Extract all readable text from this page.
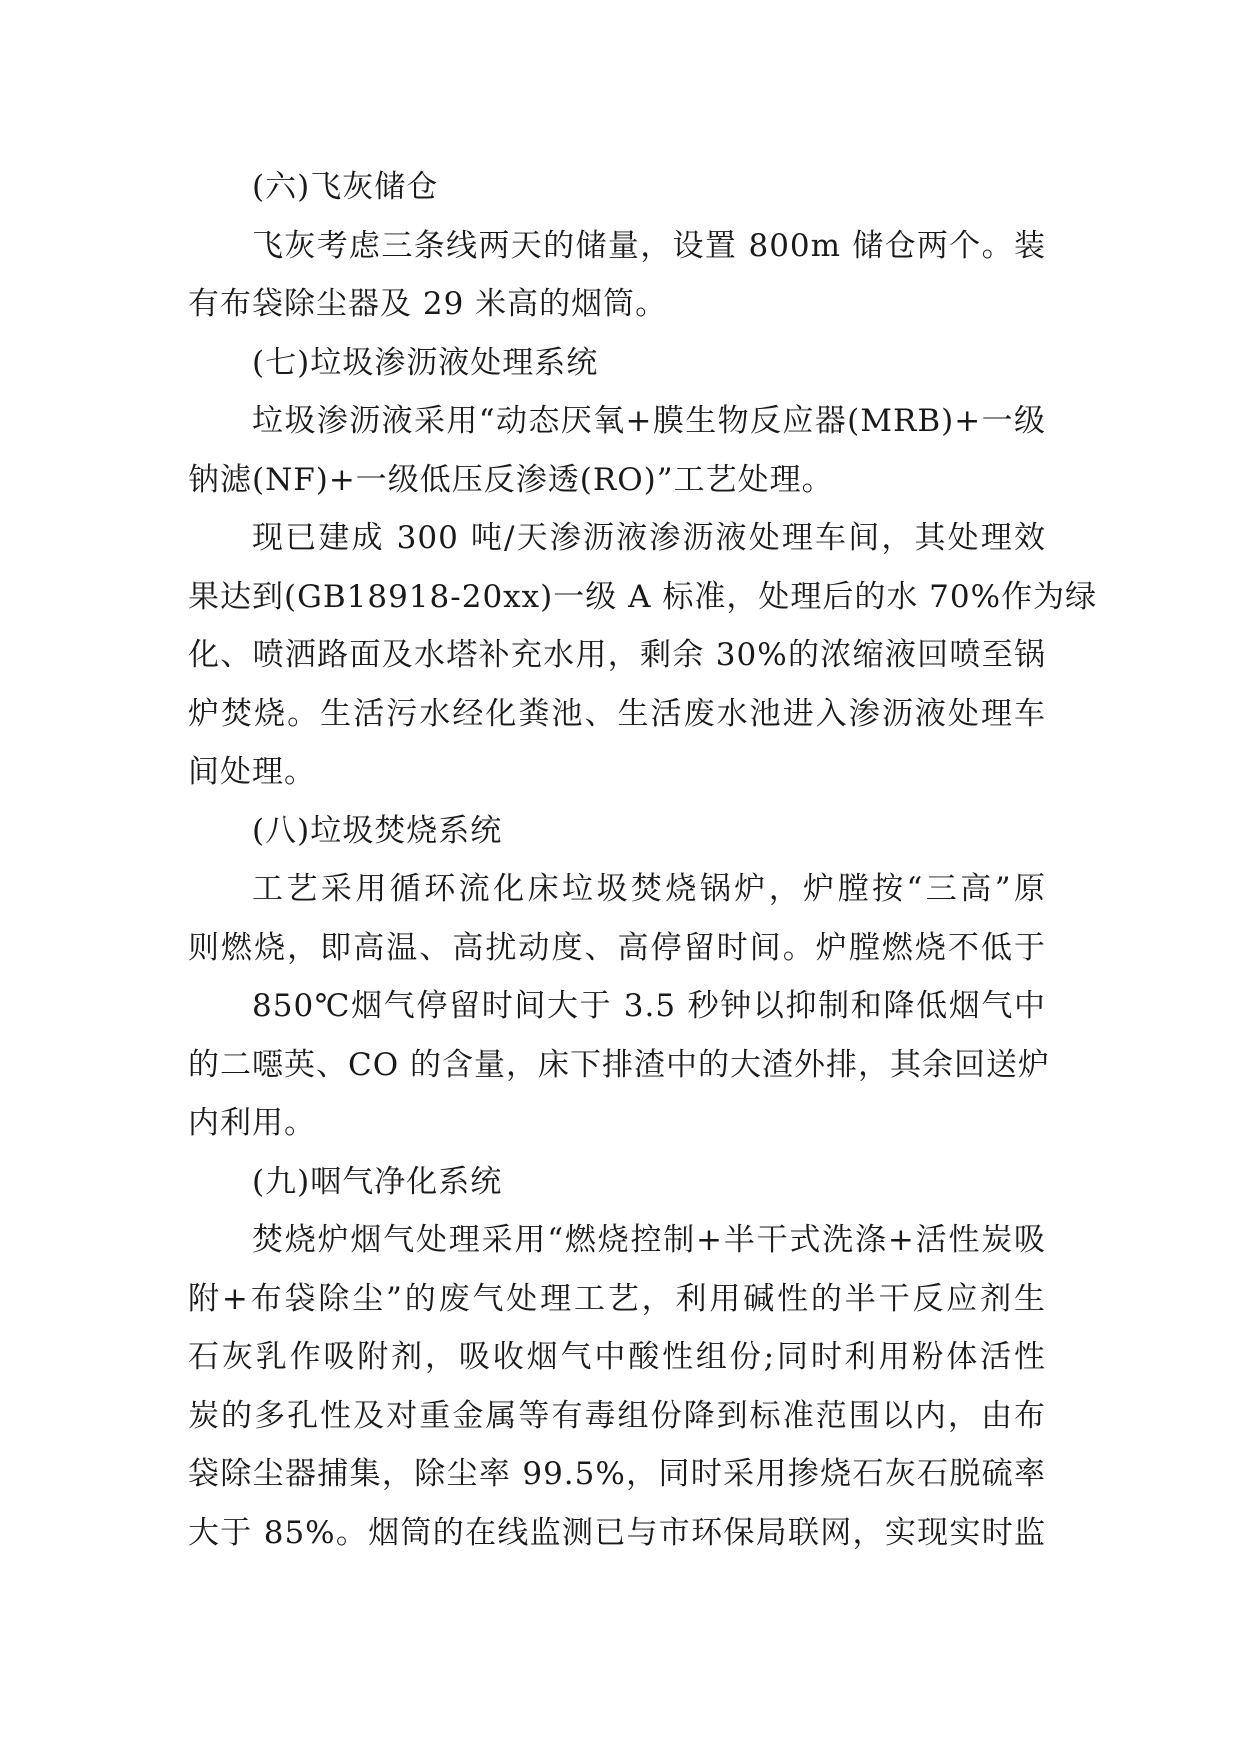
(六)飞灰储仓
飞灰考虑三条线两天的储量，设置 800m 储仓两个。装
有布袋除尘器及 29 米高的烟筒。
(七)垃圾渗沥液处理系统
垃圾渗沥液采用“动态厌氧+膜生物反应器(MRB)+一级
钠滤(NF)+一级低压反渗透(RO)”工艺处理。
现已建成 300 吨/天渗沥液渗沥液处理车间，其处理效
果达到(GB18918-20xx)一级 A 标准，处理后的水 70%作为绿
化、喷洒路面及水塔补充水用，剩余 30%的浓缩液回喷至锅
炉焚烧。生活污水经化粪池、生活废水池进入渗沥液处理车
间处理。
(八)垃圾焚烧系统
工艺采用循环流化床垃圾焚烧锅炉，炉膛按“三高”原
则燃烧，即高温、高扰动度、高停留时间。炉膛燃烧不低于
850℃烟气停留时间大于 3.5 秒钟以抑制和降低烟气中
的二噁英、CO 的含量，床下排渣中的大渣外排，其余回送炉
内利用。
(九)咽气净化系统
焚烧炉烟气处理采用“燃烧控制+半干式洗涤+活性炭吸
附+布袋除尘”的废气处理工艺，利用碱性的半干反应剂生
石灰乳作吸附剂，吸收烟气中酸性组份;同时利用粉体活性
炭的多孔性及对重金属等有毒组份降到标准范围以内，由布
袋除尘器捕集，除尘率 99.5%，同时采用掺烧石灰石脱硫率
大于 85%。烟筒的在线监测已与市环保局联网，实现实时监
